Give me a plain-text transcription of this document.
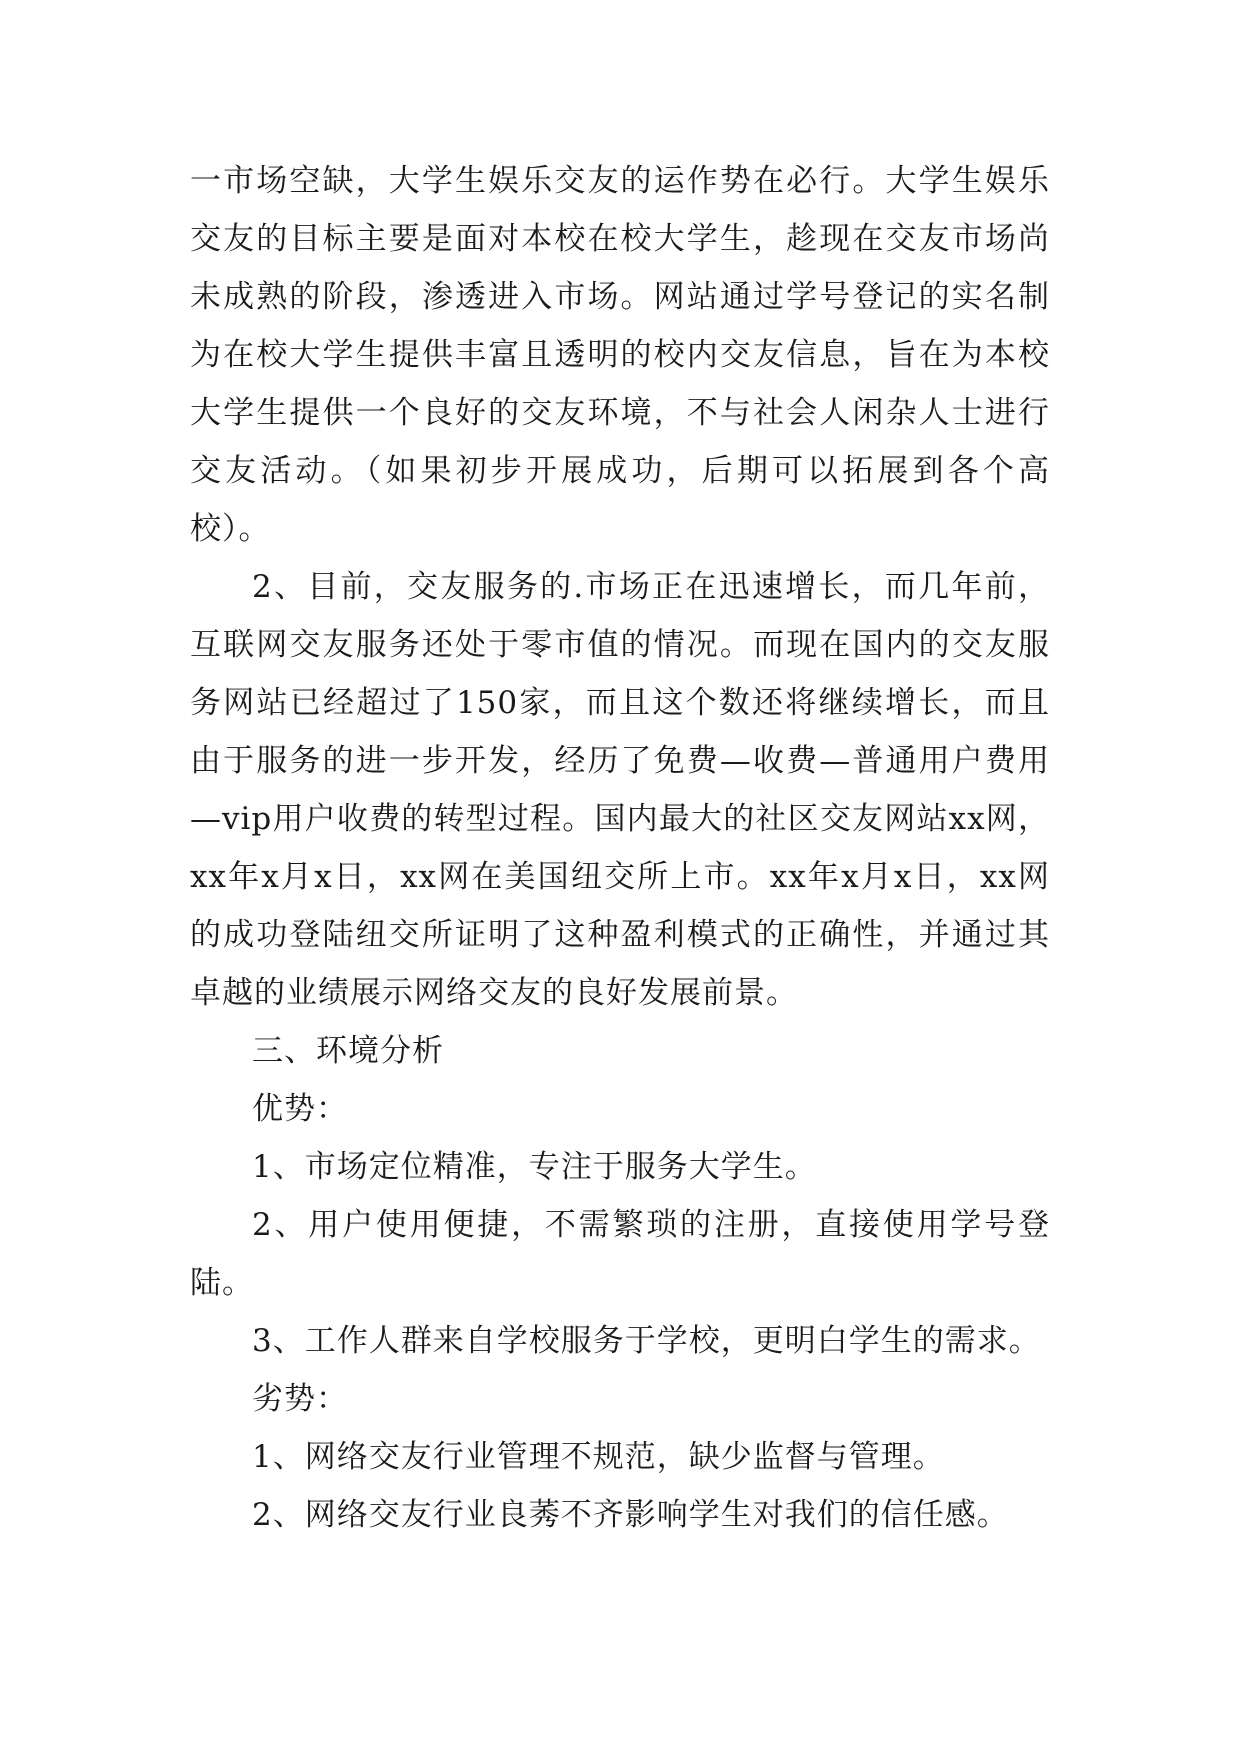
一市场空缺，大学生娱乐交友的运作势在必行。大学生娱乐交友的目标主要是面对本校在校大学生，趁现在交友市场尚未成熟的阶段，渗透进入市场。网站通过学号登记的实名制为在校大学生提供丰富且透明的校内交友信息，旨在为本校大学生提供一个良好的交友环境，不与社会人闲杂人士进行交友活动。（如果初步开展成功，后期可以拓展到各个高校）。

2、目前，交友服务的.市场正在迅速增长，而几年前，互联网交友服务还处于零市值的情况。而现在国内的交友服务网站已经超过了150家，而且这个数还将继续增长，而且由于服务的进一步开发，经历了免费—收费—普通用户费用—vip用户收费的转型过程。国内最大的社区交友网站xx网，xx年x月x日，xx网在美国纽交所上市。xx年x月x日，xx网的成功登陆纽交所证明了这种盈利模式的正确性，并通过其卓越的业绩展示网络交友的良好发展前景。

三、环境分析

优势：

1、市场定位精准，专注于服务大学生。

2、用户使用便捷，不需繁琐的注册，直接使用学号登陆。

3、工作人群来自学校服务于学校，更明白学生的需求。

劣势：

1、网络交友行业管理不规范，缺少监督与管理。

2、网络交友行业良莠不齐影响学生对我们的信任感。
